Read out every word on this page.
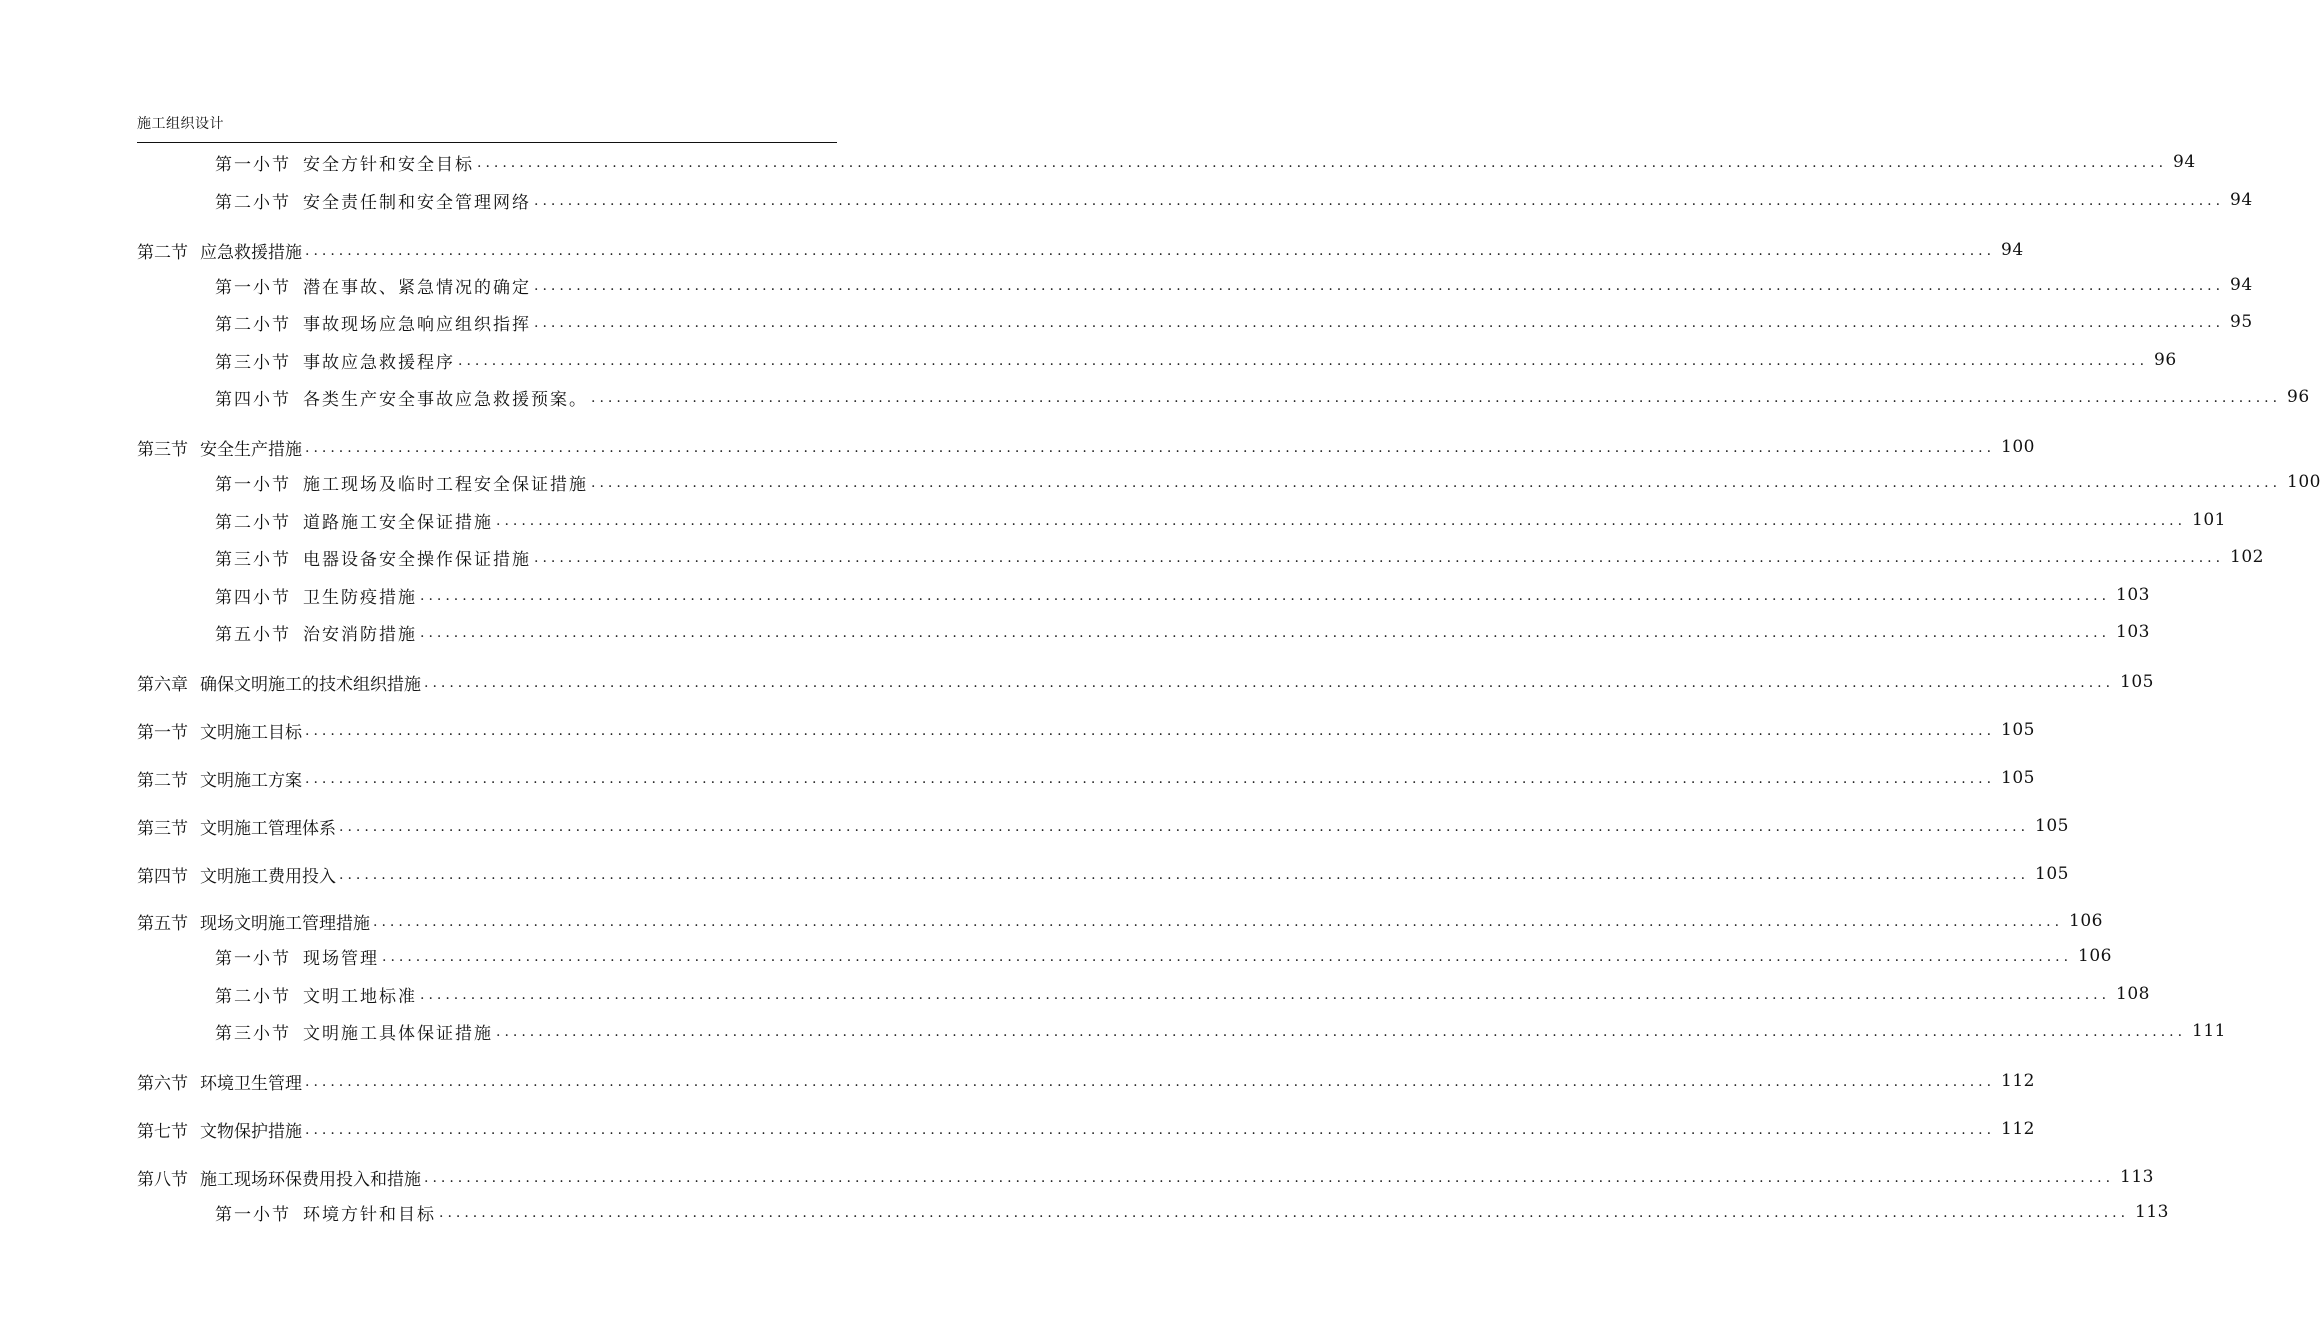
施工组织设计
第一小节 安全方针和安全目标 ........................................................................................................................................................................................................ 94
第二小节 安全责任制和安全管理网络 ........................................................................................................................................................................................................ 94
第二节 应急救援措施 ........................................................................................................................................................................................................ 94
第一小节 潜在事故、紧急情况的确定 ........................................................................................................................................................................................................ 94
第二小节 事故现场应急响应组织指挥 ........................................................................................................................................................................................................ 95
第三小节 事故应急救援程序 ........................................................................................................................................................................................................ 96
第四小节 各类生产安全事故应急救援预案。 ........................................................................................................................................................................................................ 96
第三节 安全生产措施 ........................................................................................................................................................................................................ 100
第一小节 施工现场及临时工程安全保证措施 ........................................................................................................................................................................................................ 100
第二小节 道路施工安全保证措施 ........................................................................................................................................................................................................ 101
第三小节 电器设备安全操作保证措施 ........................................................................................................................................................................................................ 102
第四小节 卫生防疫措施 ........................................................................................................................................................................................................ 103
第五小节 治安消防措施 ........................................................................................................................................................................................................ 103
第六章 确保文明施工的技术组织措施 ........................................................................................................................................................................................................ 105
第一节 文明施工目标 ........................................................................................................................................................................................................ 105
第二节 文明施工方案 ........................................................................................................................................................................................................ 105
第三节 文明施工管理体系 ........................................................................................................................................................................................................ 105
第四节 文明施工费用投入 ........................................................................................................................................................................................................ 105
第五节 现场文明施工管理措施 ........................................................................................................................................................................................................ 106
第一小节 现场管理 ........................................................................................................................................................................................................ 106
第二小节 文明工地标准 ........................................................................................................................................................................................................ 108
第三小节 文明施工具体保证措施 ........................................................................................................................................................................................................ 111
第六节 环境卫生管理 ........................................................................................................................................................................................................ 112
第七节 文物保护措施 ........................................................................................................................................................................................................ 112
第八节 施工现场环保费用投入和措施 ........................................................................................................................................................................................................ 113
第一小节 环境方针和目标 ........................................................................................................................................................................................................ 113
